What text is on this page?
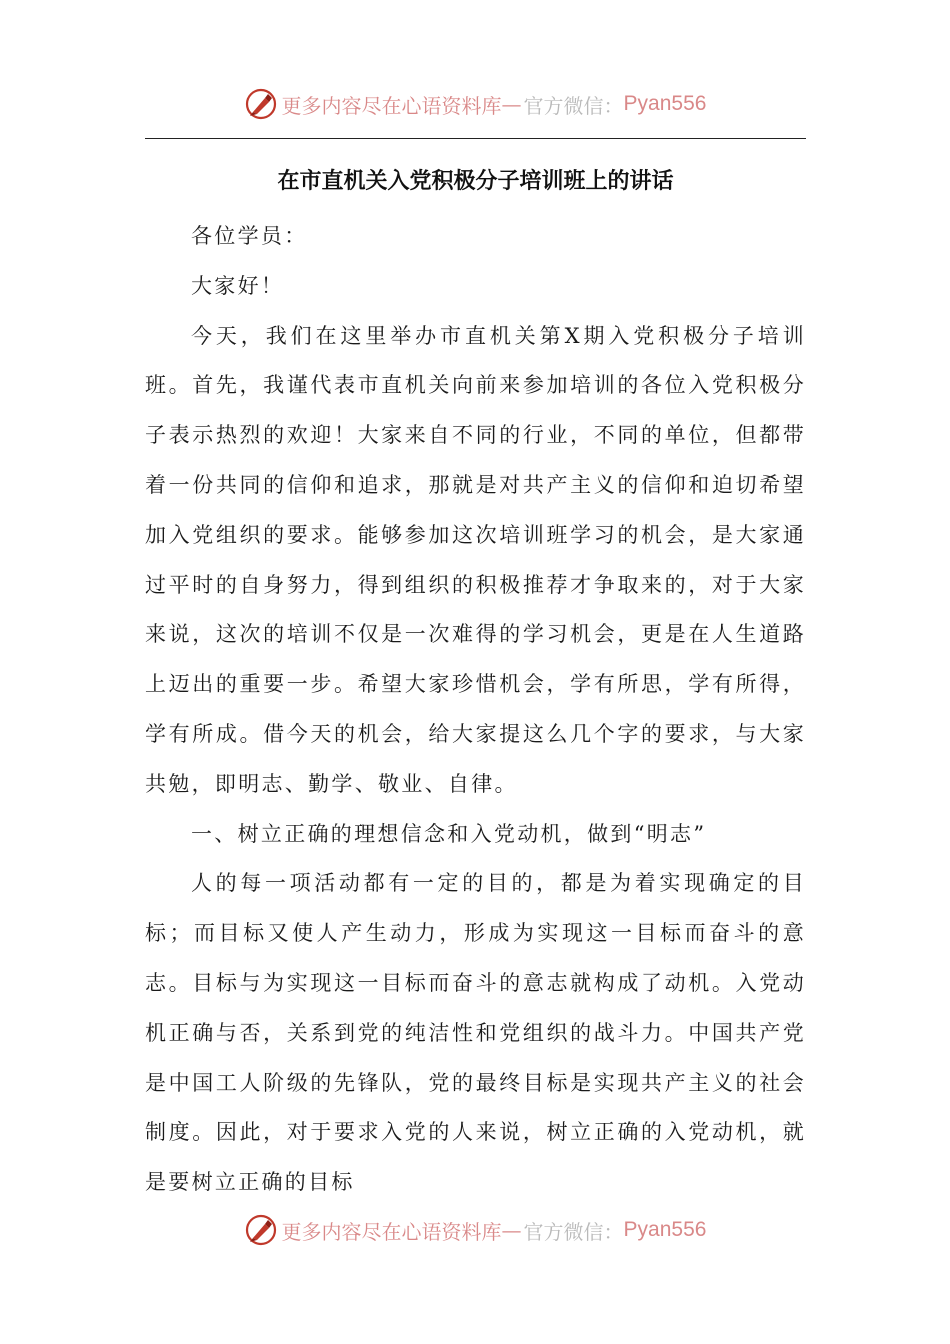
更多内容尽在心语资料库 — 官方微信： Pyan556
在市直机关入党积极分子培训班上的讲话

各位学员：

大家好！

今天，我们在这里举办市直机关第X期入党积极分子培训班。首先，我谨代表市直机关向前来参加培训的各位入党积极分子表示热烈的欢迎！大家来自不同的行业，不同的单位，但都带着一份共同的信仰和追求，那就是对共产主义的信仰和迫切希望加入党组织的要求。能够参加这次培训班学习的机会，是大家通过平时的自身努力，得到组织的积极推荐才争取来的，对于大家来说，这次的培训不仅是一次难得的学习机会，更是在人生道路上迈出的重要一步。希望大家珍惜机会，学有所思，学有所得，学有所成。借今天的机会，给大家提这么几个字的要求，与大家共勉，即明志、勤学、敬业、自律。

一、树立正确的理想信念和入党动机，做到“明志”

人的每一项活动都有一定的目的，都是为着实现确定的目标；而目标又使人产生动力，形成为实现这一目标而奋斗的意志。目标与为实现这一目标而奋斗的意志就构成了动机。入党动机正确与否，关系到党的纯洁性和党组织的战斗力。中国共产党是中国工人阶级的先锋队，党的最终目标是实现共产主义的社会制度。因此，对于要求入党的人来说，树立正确的入党动机，就是要树立正确的目标

更多内容尽在心语资料库 — 官方微信： Pyan556
